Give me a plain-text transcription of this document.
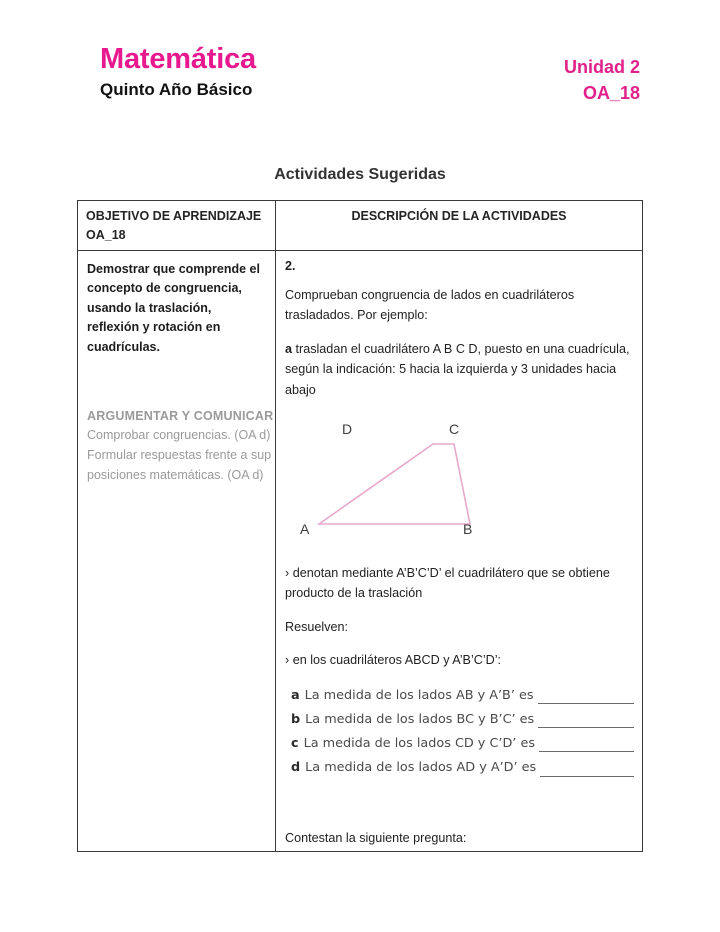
Matemática
Quinto Año Básico
Unidad 2
OA_18
Actividades Sugeridas
OBJETIVO DE APRENDIZAJE OA_18
DESCRIPCIÓN DE LA ACTIVIDADES

Demostrar que comprende el concepto de congruencia, usando la traslación, reflexión y rotación en cuadrículas.

ARGUMENTAR Y COMUNICAR

Comprobar congruencias. (OA d)

Formular respuestas frente a sup

posiciones matemáticas. (OA d)

2.

Comprueban congruencia de lados en cuadriláteros trasladados. Por ejemplo:

a trasladan el cuadrilátero A B C D, puesto en una cuadrícula, según la indicación: 5 hacia la izquierda y 3 unidades hacia abajo

D	C
A	B

› denotan mediante A’B’C’D’ el cuadrilátero que se obtiene producto de la traslación

Resuelven:

› en los cuadriláteros ABCD y A’B’C’D’:

a La medida de los lados AB y A’B’ es
b La medida de los lados BC y B’C’ es
c La medida de los lados CD y C’D’ es
d La medida de los lados AD y A’D’ es
Contestan la siguiente pregunta:
